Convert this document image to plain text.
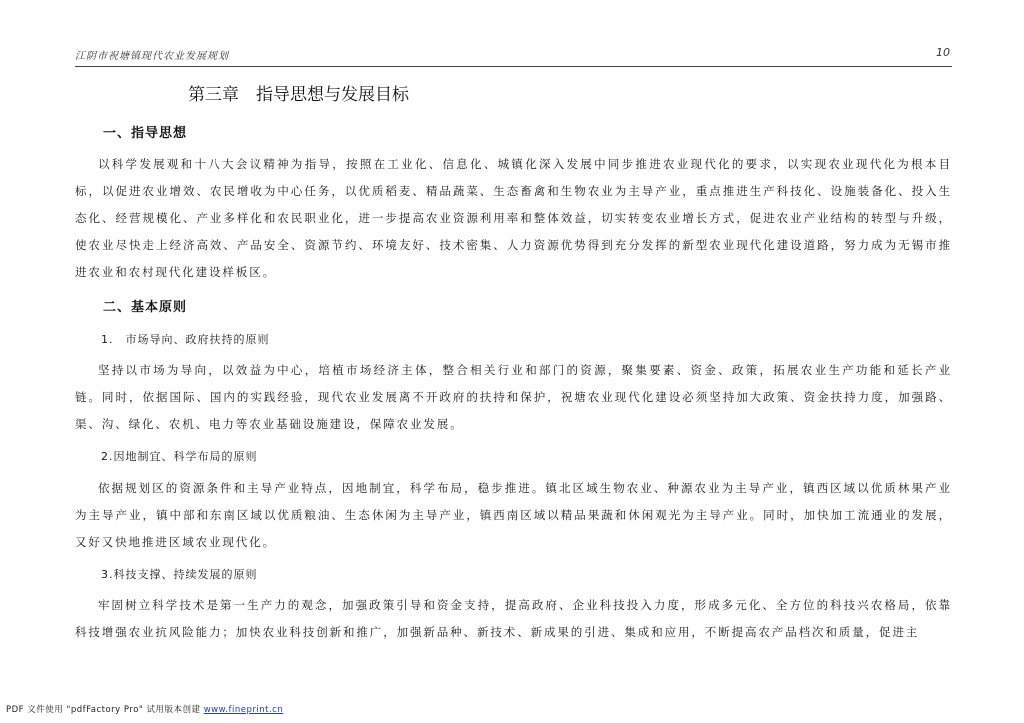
江阴市祝塘镇现代农业发展规划	10
第三章　指导思想与发展目标
一、指导思想

以科学发展观和十八大会议精神为指导，按照在工业化、信息化、城镇化深入发展中同步推进农业现代化的要求，以实现农业现代化为根本目标，以促进农业增效、农民增收为中心任务，以优质稻麦、精品蔬菜、生态畜禽和生物农业为主导产业，重点推进生产科技化、设施装备化、投入生态化、经营规模化、产业多样化和农民职业化，进一步提高农业资源利用率和整体效益，切实转变农业增长方式，促进农业产业结构的转型与升级，使农业尽快走上经济高效、产品安全、资源节约、环境友好、技术密集、人力资源优势得到充分发挥的新型农业现代化建设道路，努力成为无锡市推进农业和农村现代化建设样板区。

二、基本原则
1.　市场导向、政府扶持的原则

坚持以市场为导向，以效益为中心，培植市场经济主体，整合相关行业和部门的资源，聚集要素、资金、政策，拓展农业生产功能和延长产业链。同时，依据国际、国内的实践经验，现代农业发展离不开政府的扶持和保护，祝塘农业现代化建设必须坚持加大政策、资金扶持力度，加强路、渠、沟、绿化、农机、电力等农业基础设施建设，保障农业发展。

2.因地制宜、科学布局的原则

依据规划区的资源条件和主导产业特点，因地制宜，科学布局，稳步推进。镇北区域生物农业、种源农业为主导产业，镇西区域以优质林果产业为主导产业，镇中部和东南区域以优质粮油、生态休闲为主导产业，镇西南区域以精品果蔬和休闲观光为主导产业。同时，加快加工流通业的发展，又好又快地推进区域农业现代化。

3.科技支撑、持续发展的原则

牢固树立科学技术是第一生产力的观念，加强政策引导和资金支持，提高政府、企业科技投入力度，形成多元化、全方位的科技兴农格局，依靠科技增强农业抗风险能力；加快农业科技创新和推广，加强新品种、新技术、新成果的引进、集成和应用，不断提高农产品档次和质量，促进主

PDF 文件使用 "pdfFactory Pro" 试用版本创建 www.fineprint.cn
